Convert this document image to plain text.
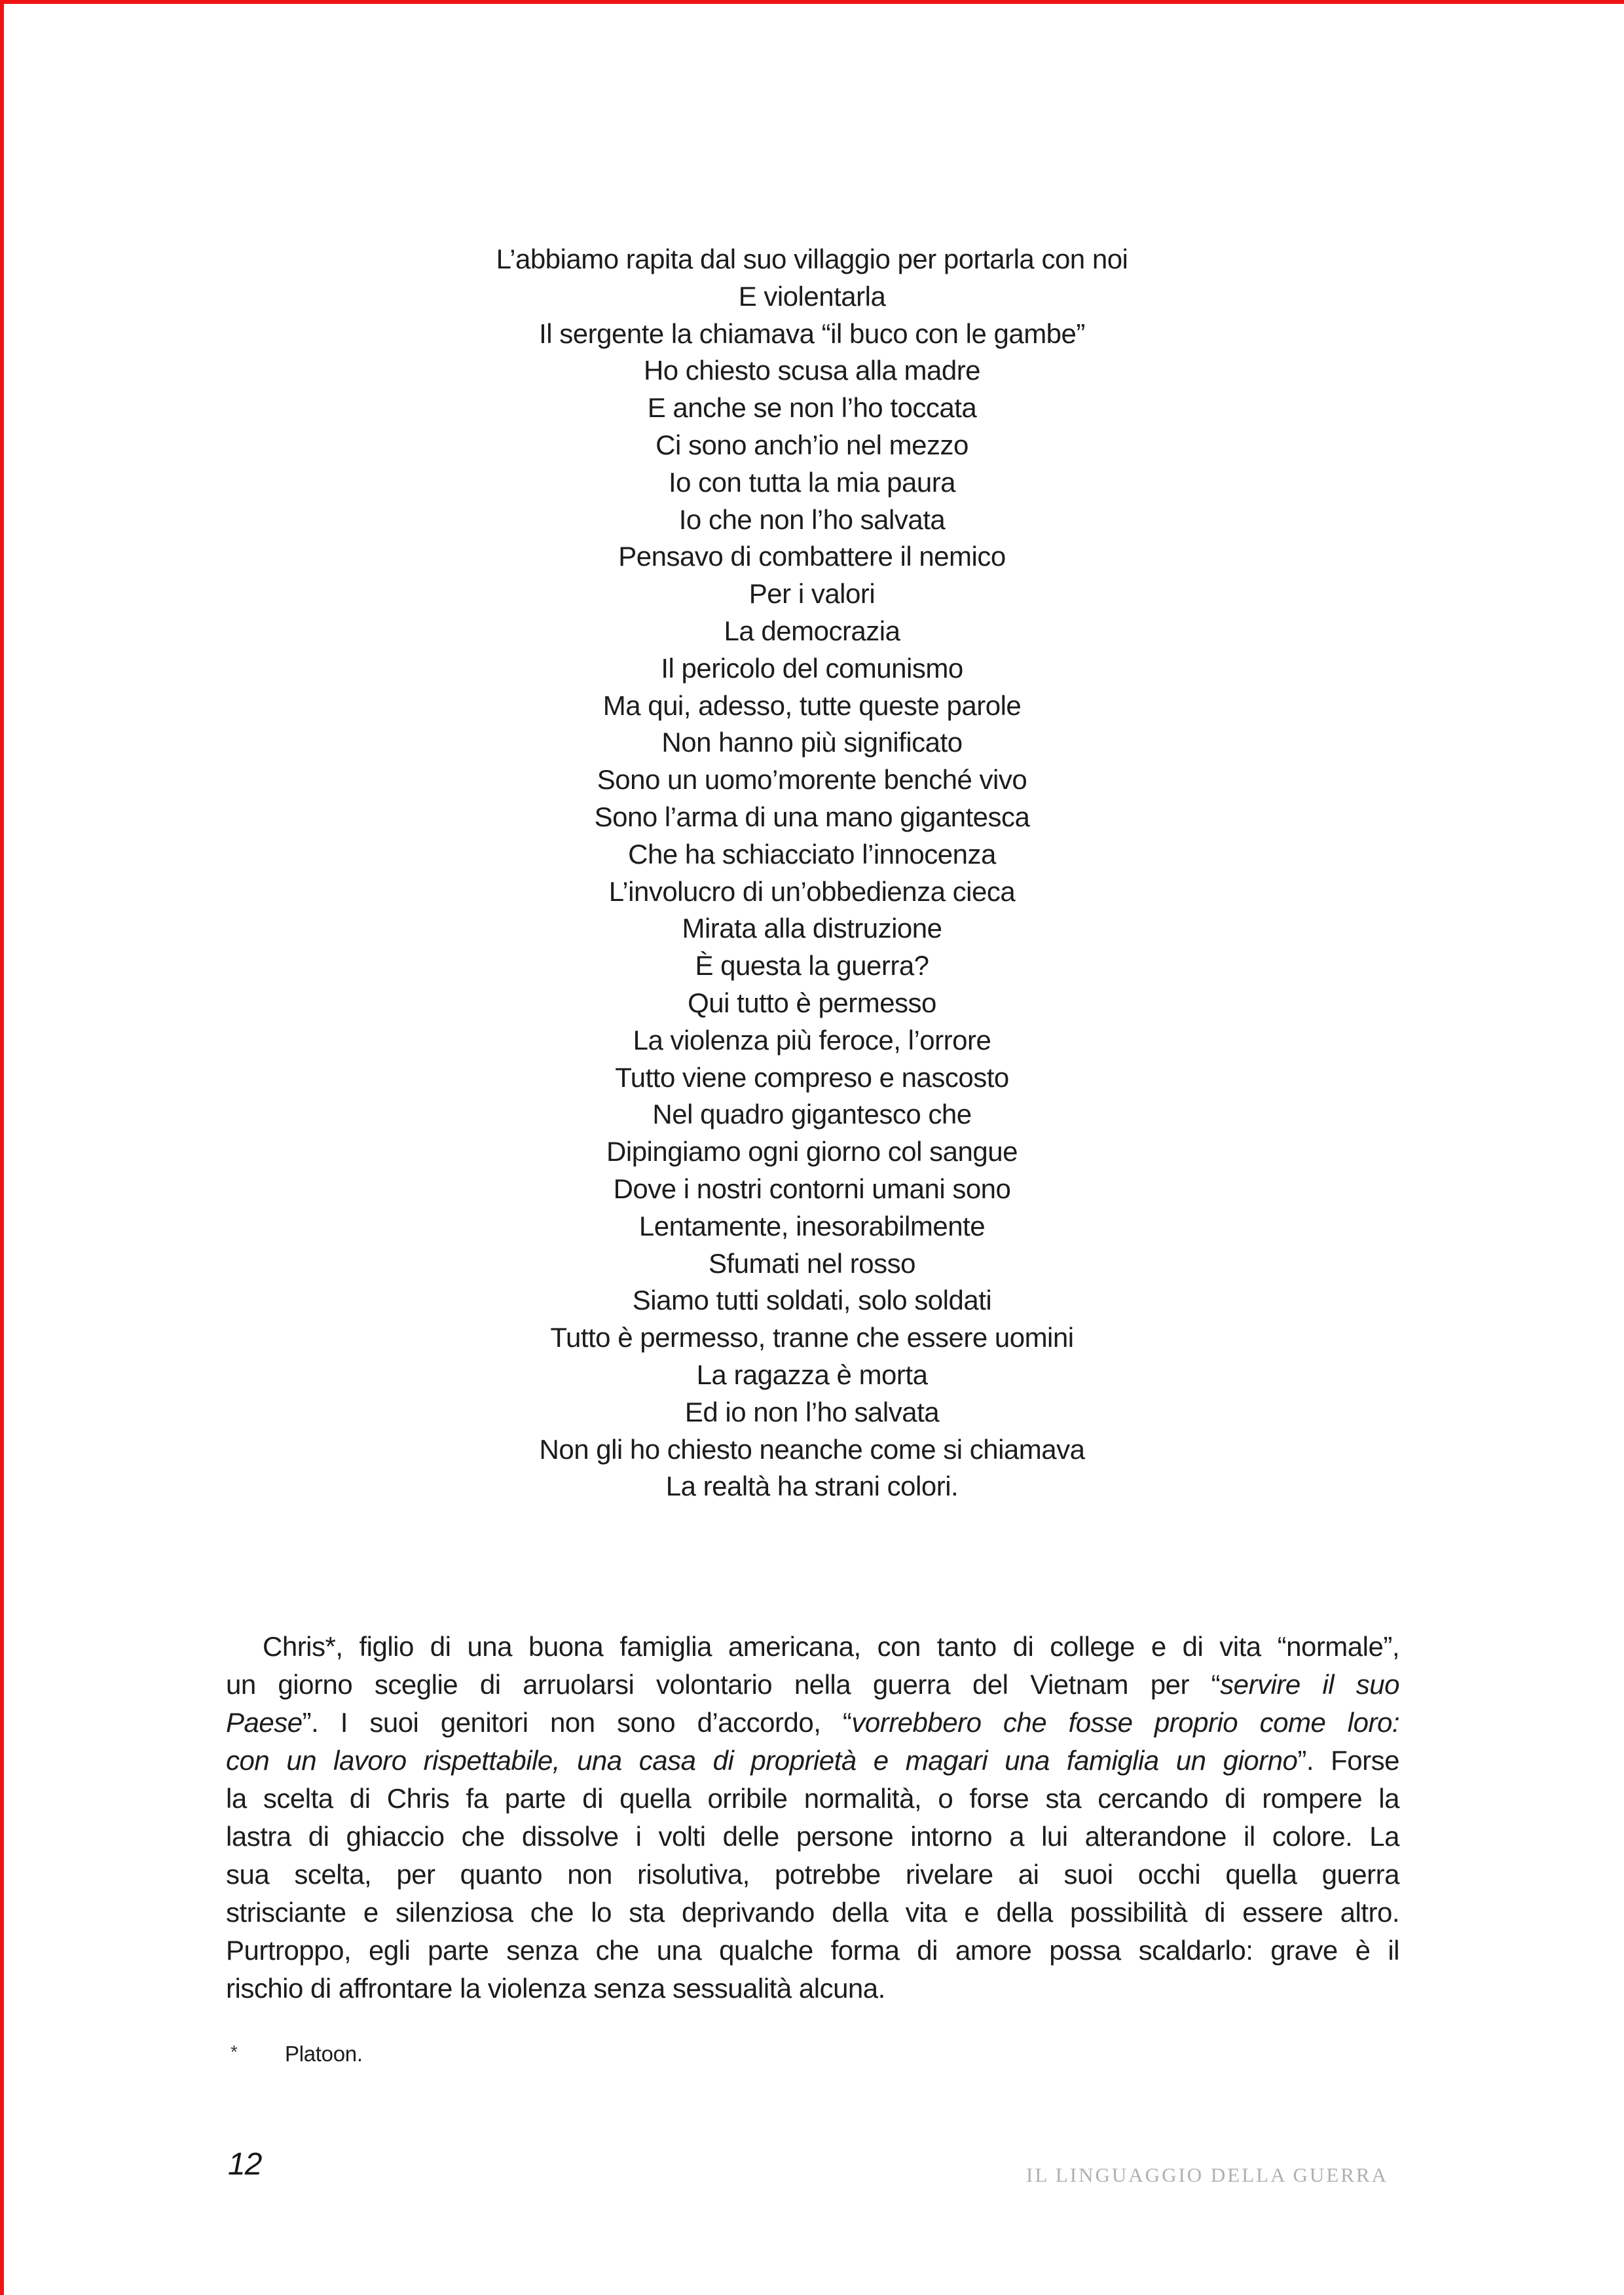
L’abbiamo rapita dal suo villaggio per portarla con noi
E violentarla
Il sergente la chiamava “il buco con le gambe”
Ho chiesto scusa alla madre
E anche se non l’ho toccata
Ci sono anch’io nel mezzo
Io con tutta la mia paura
Io che non l’ho salvata
Pensavo di combattere il nemico
Per i valori
La democrazia
Il pericolo del comunismo
Ma qui, adesso, tutte queste parole
Non hanno più significato
Sono un uomo’morente benché vivo
Sono l’arma di una mano gigantesca
Che ha schiacciato l’innocenza
L’involucro di un’obbedienza cieca
Mirata alla distruzione
È questa la guerra?
Qui tutto è permesso
La violenza più feroce, l’orrore
Tutto viene compreso e nascosto
Nel quadro gigantesco che
Dipingiamo ogni giorno col sangue
Dove i nostri contorni umani sono
Lentamente, inesorabilmente
Sfumati nel rosso
Siamo tutti soldati, solo soldati
Tutto è permesso, tranne che essere uomini
La ragazza è morta
Ed io non l’ho salvata
Non gli ho chiesto neanche come si chiamava
La realtà ha strani colori.
Chris*, figlio di una buona famiglia americana, con tanto di college e di vita “normale”,
un giorno sceglie di arruolarsi volontario nella guerra del Vietnam per “servire il suo
Paese”. I suoi genitori non sono d’accordo, “vorrebbero che fosse proprio come loro:
con un lavoro rispettabile, una casa di proprietà e magari una famiglia un giorno”. Forse
la scelta di Chris fa parte di quella orribile normalità, o forse sta cercando di rompere la
lastra di ghiaccio che dissolve i volti delle persone intorno a lui alterandone il colore. La
sua scelta, per quanto non risolutiva, potrebbe rivelare ai suoi occhi quella guerra
strisciante e silenziosa che lo sta deprivando della vita e della possibilità di essere altro.
Purtroppo, egli parte senza che una qualche forma di amore possa scaldarlo: grave è il
rischio di affrontare la violenza senza sessualità alcuna.
* Platoon.
12	IL LINGUAGGIO DELLA GUERRA
